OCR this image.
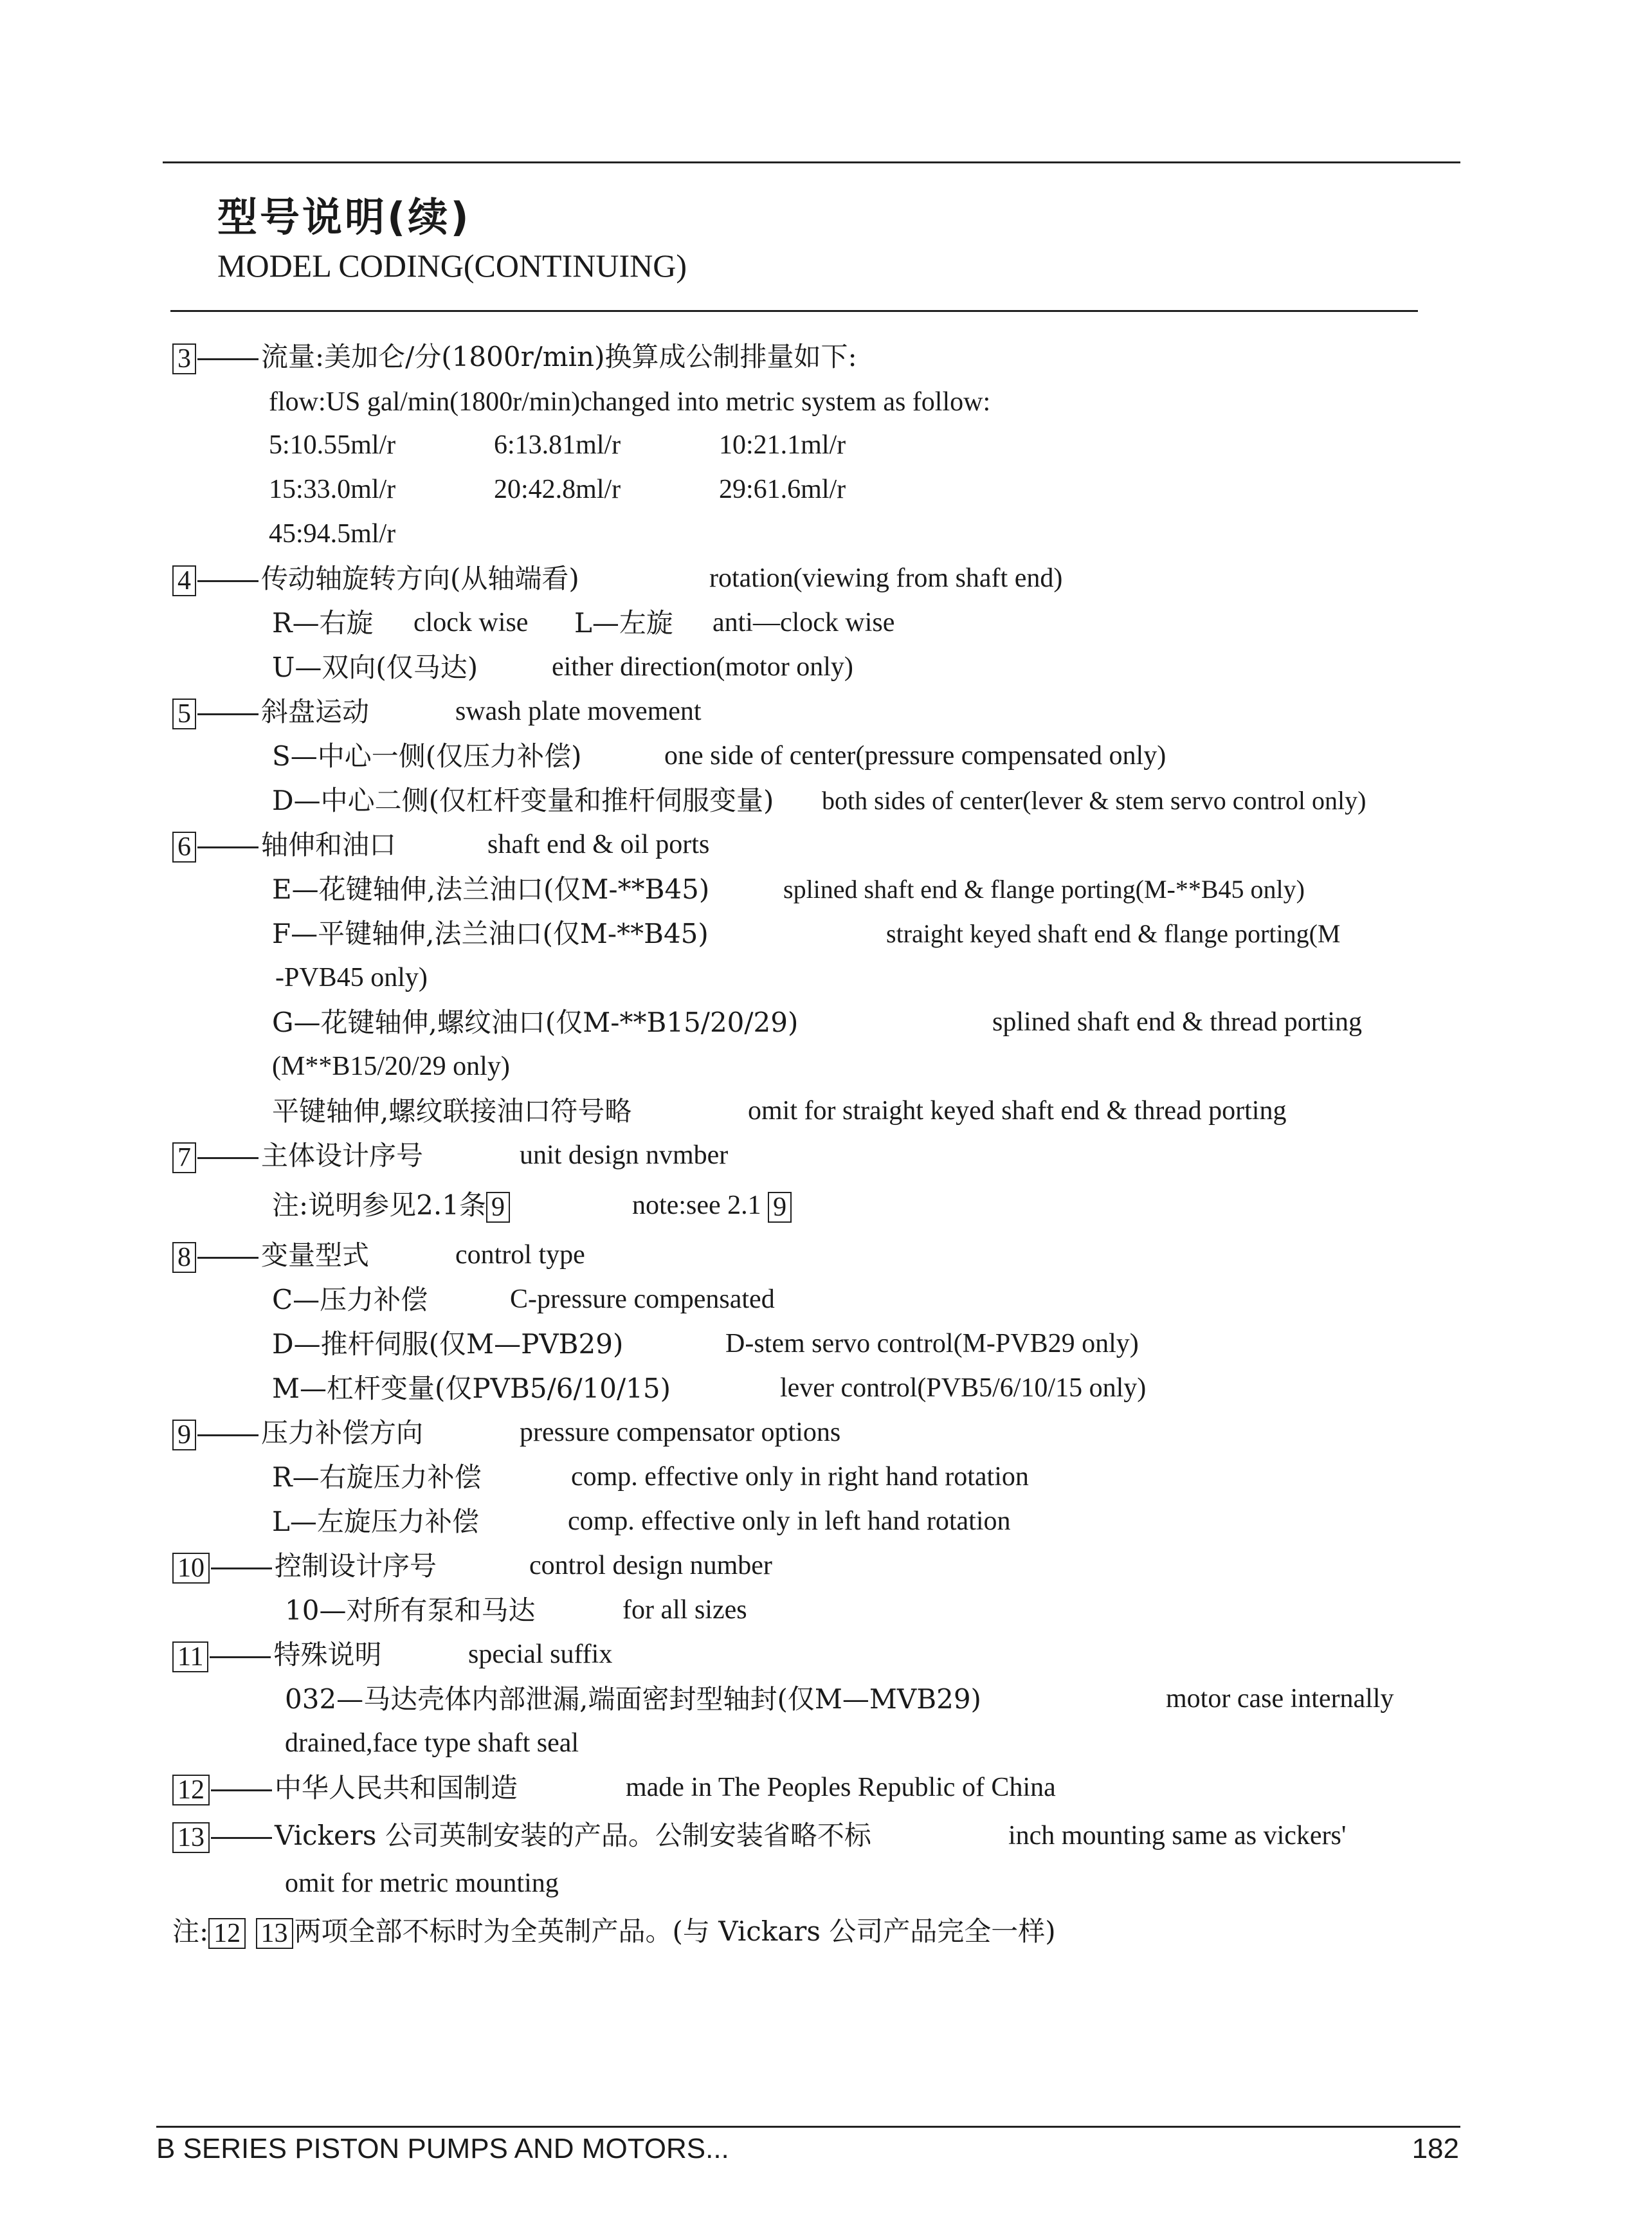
型号说明(续)
MODEL CODING(CONTINUING)
3	流量:美加仑/分(1800r/min)换算成公制排量如下:
flow:US gal/min(1800r/min)changed into metric system as follow:
5:10.55ml/r	6:13.81ml/r	10:21.1ml/r
15:33.0ml/r	20:42.8ml/r	29:61.6ml/r
45:94.5ml/r
4	传动轴旋转方向(从轴端看)	rotation(viewing from shaft end)
R—右旋 clock wise L—左旋 anti—clock wise
U—双向(仅马达)	either direction(motor only)
5	斜盘运动	swash plate movement
S—中心一侧(仅压力补偿)	one side of center(pressure compensated only)
D—中心二侧(仅杠杆变量和推杆伺服变量) both sides of center(lever & stem servo control only)
6	轴伸和油口	shaft end & oil ports
E—花键轴伸,法兰油口(仅M-**B45)	splined shaft end & flange porting(M-**B45 only)
F—平键轴伸,法兰油口(仅M-**B45)	straight keyed shaft end & flange porting(M
-PVB45 only)
G—花键轴伸,螺纹油口(仅M-**B15/20/29)	splined shaft end & thread porting
(M**B15/20/29 only)
平键轴伸,螺纹联接油口符号略	omit for straight keyed shaft end & thread porting
7	主体设计序号	unit design nvmber
注:说明参见2.1条 9	note:see 2.1 9
8	变量型式	control type
C—压力补偿	C-pressure compensated
D—推杆伺服(仅M—PVB29)	D-stem servo control(M-PVB29 only)
M—杠杆变量(仅PVB5/6/10/15)	lever control(PVB5/6/10/15 only)
9	压力补偿方向	pressure compensator options
R—右旋压力补偿	comp. effective only in right hand rotation
L—左旋压力补偿	comp. effective only in left hand rotation
10	控制设计序号	control design number
10—对所有泵和马达	for all sizes
11	特殊说明	special suffix
032—马达壳体内部泄漏,端面密封型轴封(仅M—MVB29)	motor case internally
drained,face type shaft seal
12	中华人民共和国制造	made in The Peoples Republic of China
13	Vickers 公司英制安装的产品。公制安装省略不标	inch mounting same as vickers'
omit for metric mounting
注: 12 13 两项全部不标时为全英制产品。(与 Vickars 公司产品完全一样)
B SERIES PISTON PUMPS AND MOTORS...	182
